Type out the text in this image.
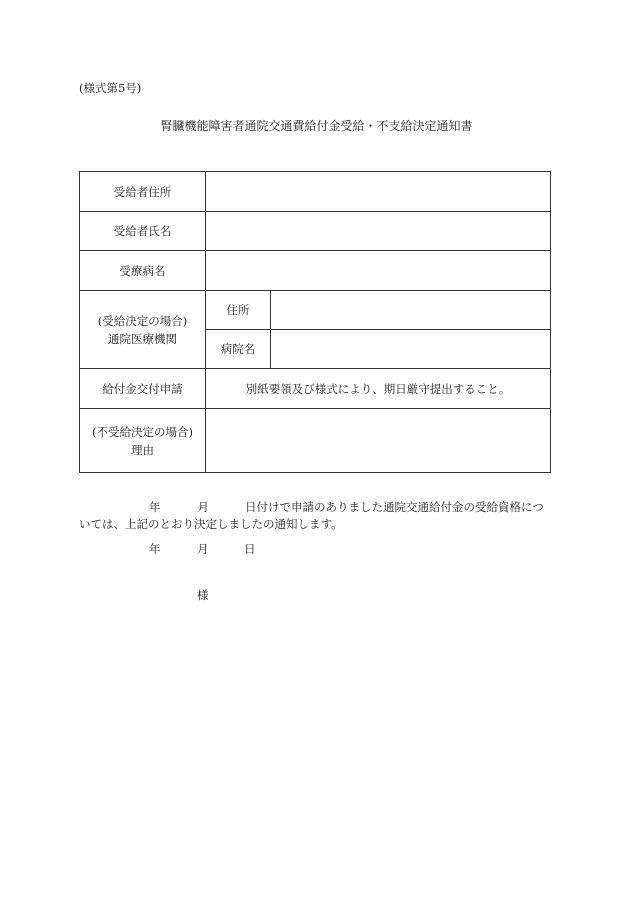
(様式第5号)
腎臓機能障害者通院交通費給付金受給・不支給決定通知書
受給者住所		
受給者氏名		
受療病名		

(受給決定の場合)
通院医療機関	住所	
	病院名	
給付金交付申請	別紙要領及び様式により、期日厳守提出すること。	

(不受給決定の場合)
理由		

年	月	日付けで申請のありました通院交通給付金の受給資格につ
いては、上記のとおり決定しましたの通知します。
年	月	日
様
